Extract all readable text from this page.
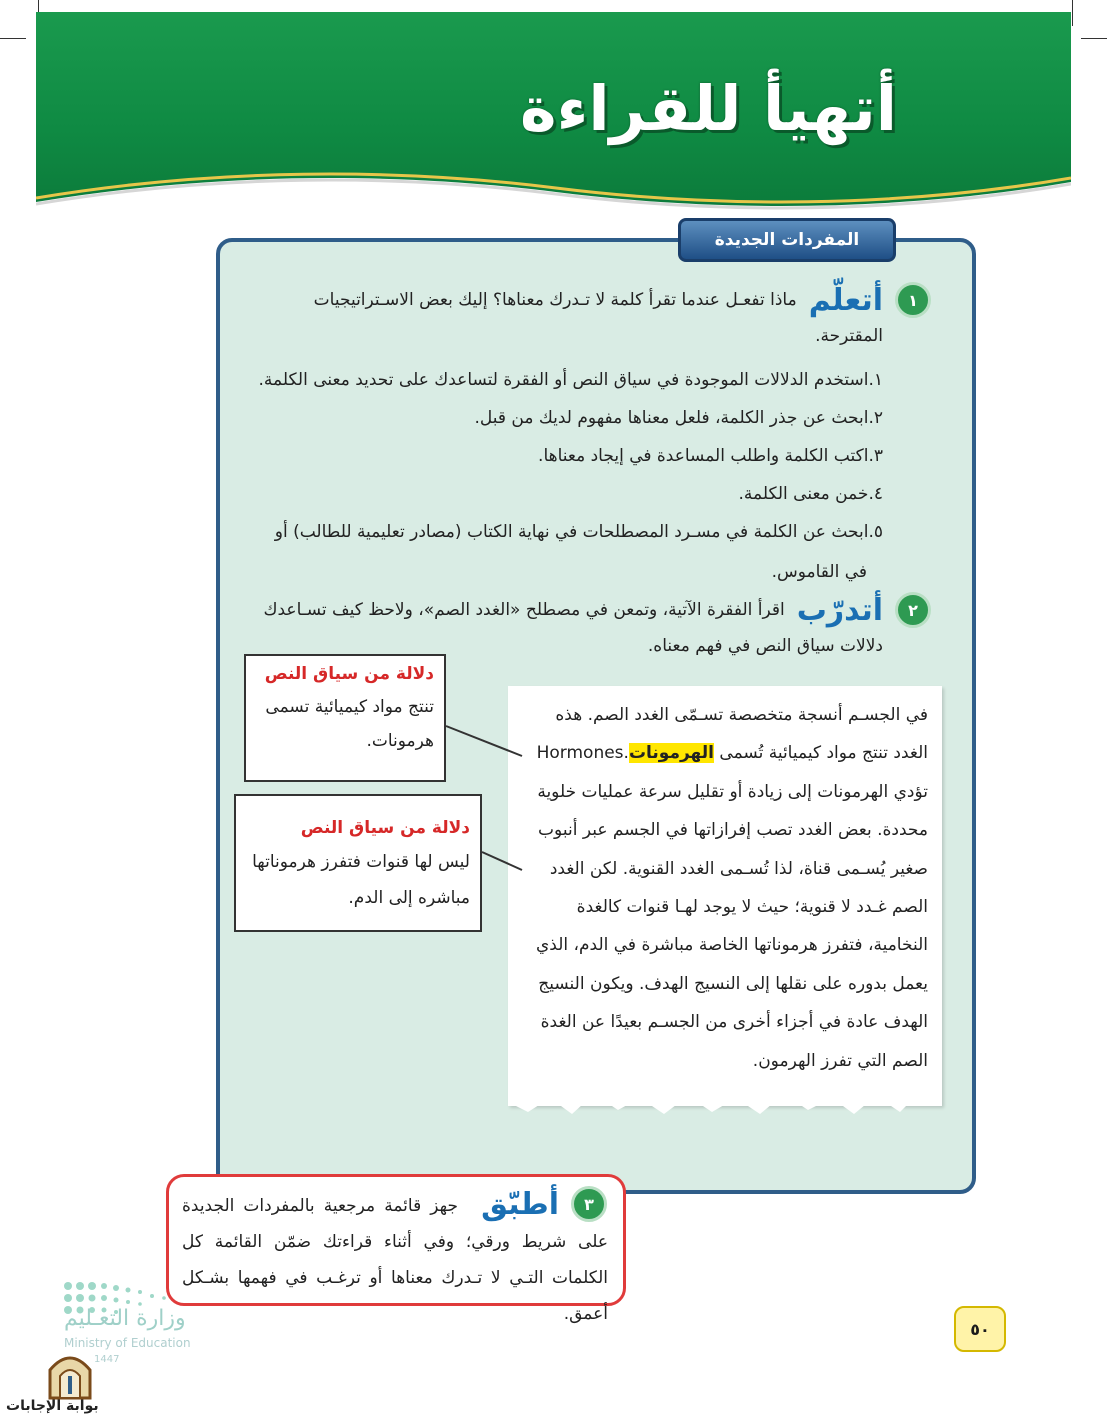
أتهيأ للقراءة
المفردات الجديدة
١
أتعلّم
ماذا تفعـل عندما تقرأ كلمة لا تـدرك معناها؟ إليك بعض الاسـتراتيجيات
المقترحة.
١.استخدم الدلالات الموجودة في سياق النص أو الفقرة لتساعدك على تحديد معنى الكلمة.
٢.ابحث عن جذر الكلمة، فلعل معناها مفهوم لديك من قبل.
٣.اكتب الكلمة واطلب المساعدة في إيجاد معناها.
٤.خمن معنى الكلمة.
٥.ابحث عن الكلمة في مسـرد المصطلحات في نهاية الكتاب (مصادر تعليمية للطالب) أو
في القاموس.
٢
أتدرّب
اقرأ الفقرة الآتية، وتمعن في مصطلح «الغدد الصم»، ولاحظ كيف تسـاعدك
دلالات سياق النص في فهم معناه.
في الجسـم أنسجة متخصصة تسـمّى الغدد الصم. هذه
الغدد تنتج مواد كيميائية تُسمى الهرموناتHormones.
تؤدي الهرمونات إلى زيادة أو تقليل سرعة عمليات خلوية
محددة. بعض الغدد تصب إفرازاتها في الجسم عبر أنبوب
صغير يُسـمى قناة، لذا تُسـمى الغدد القنوية. لكن الغدد
الصم غـدد لا قنوية؛ حيث لا يوجد لهـا قنوات كالغدة
النخامية، فتفرز هرموناتها الخاصة مباشرة في الدم، الذي
يعمل بدوره على نقلها إلى النسيج الهدف. ويكون النسيج
الهدف عادة في أجزاء أخرى من الجسـم بعيدًا عن الغدة
الصم التي تفرز الهرمون.
دلالة من سياق النص
تنتج مواد كيميائية تسمى هرمونات.
دلالة من سياق النص
ليس لها قنوات فتفرز هرموناتها مباشره إلى الدم.
وزارة التعـليم
Ministry of Education
1447
بوابة الإجابات
٣
أطبّق
جهز قائمة مرجعية بالمفردات الجديدة على شريط ورقي؛ وفي أثناء قراءتك ضمّن القائمة كل الكلمات التـي لا تـدرك معناها أو ترغـب في فهمها بشـكل أعمق.
٥٠
